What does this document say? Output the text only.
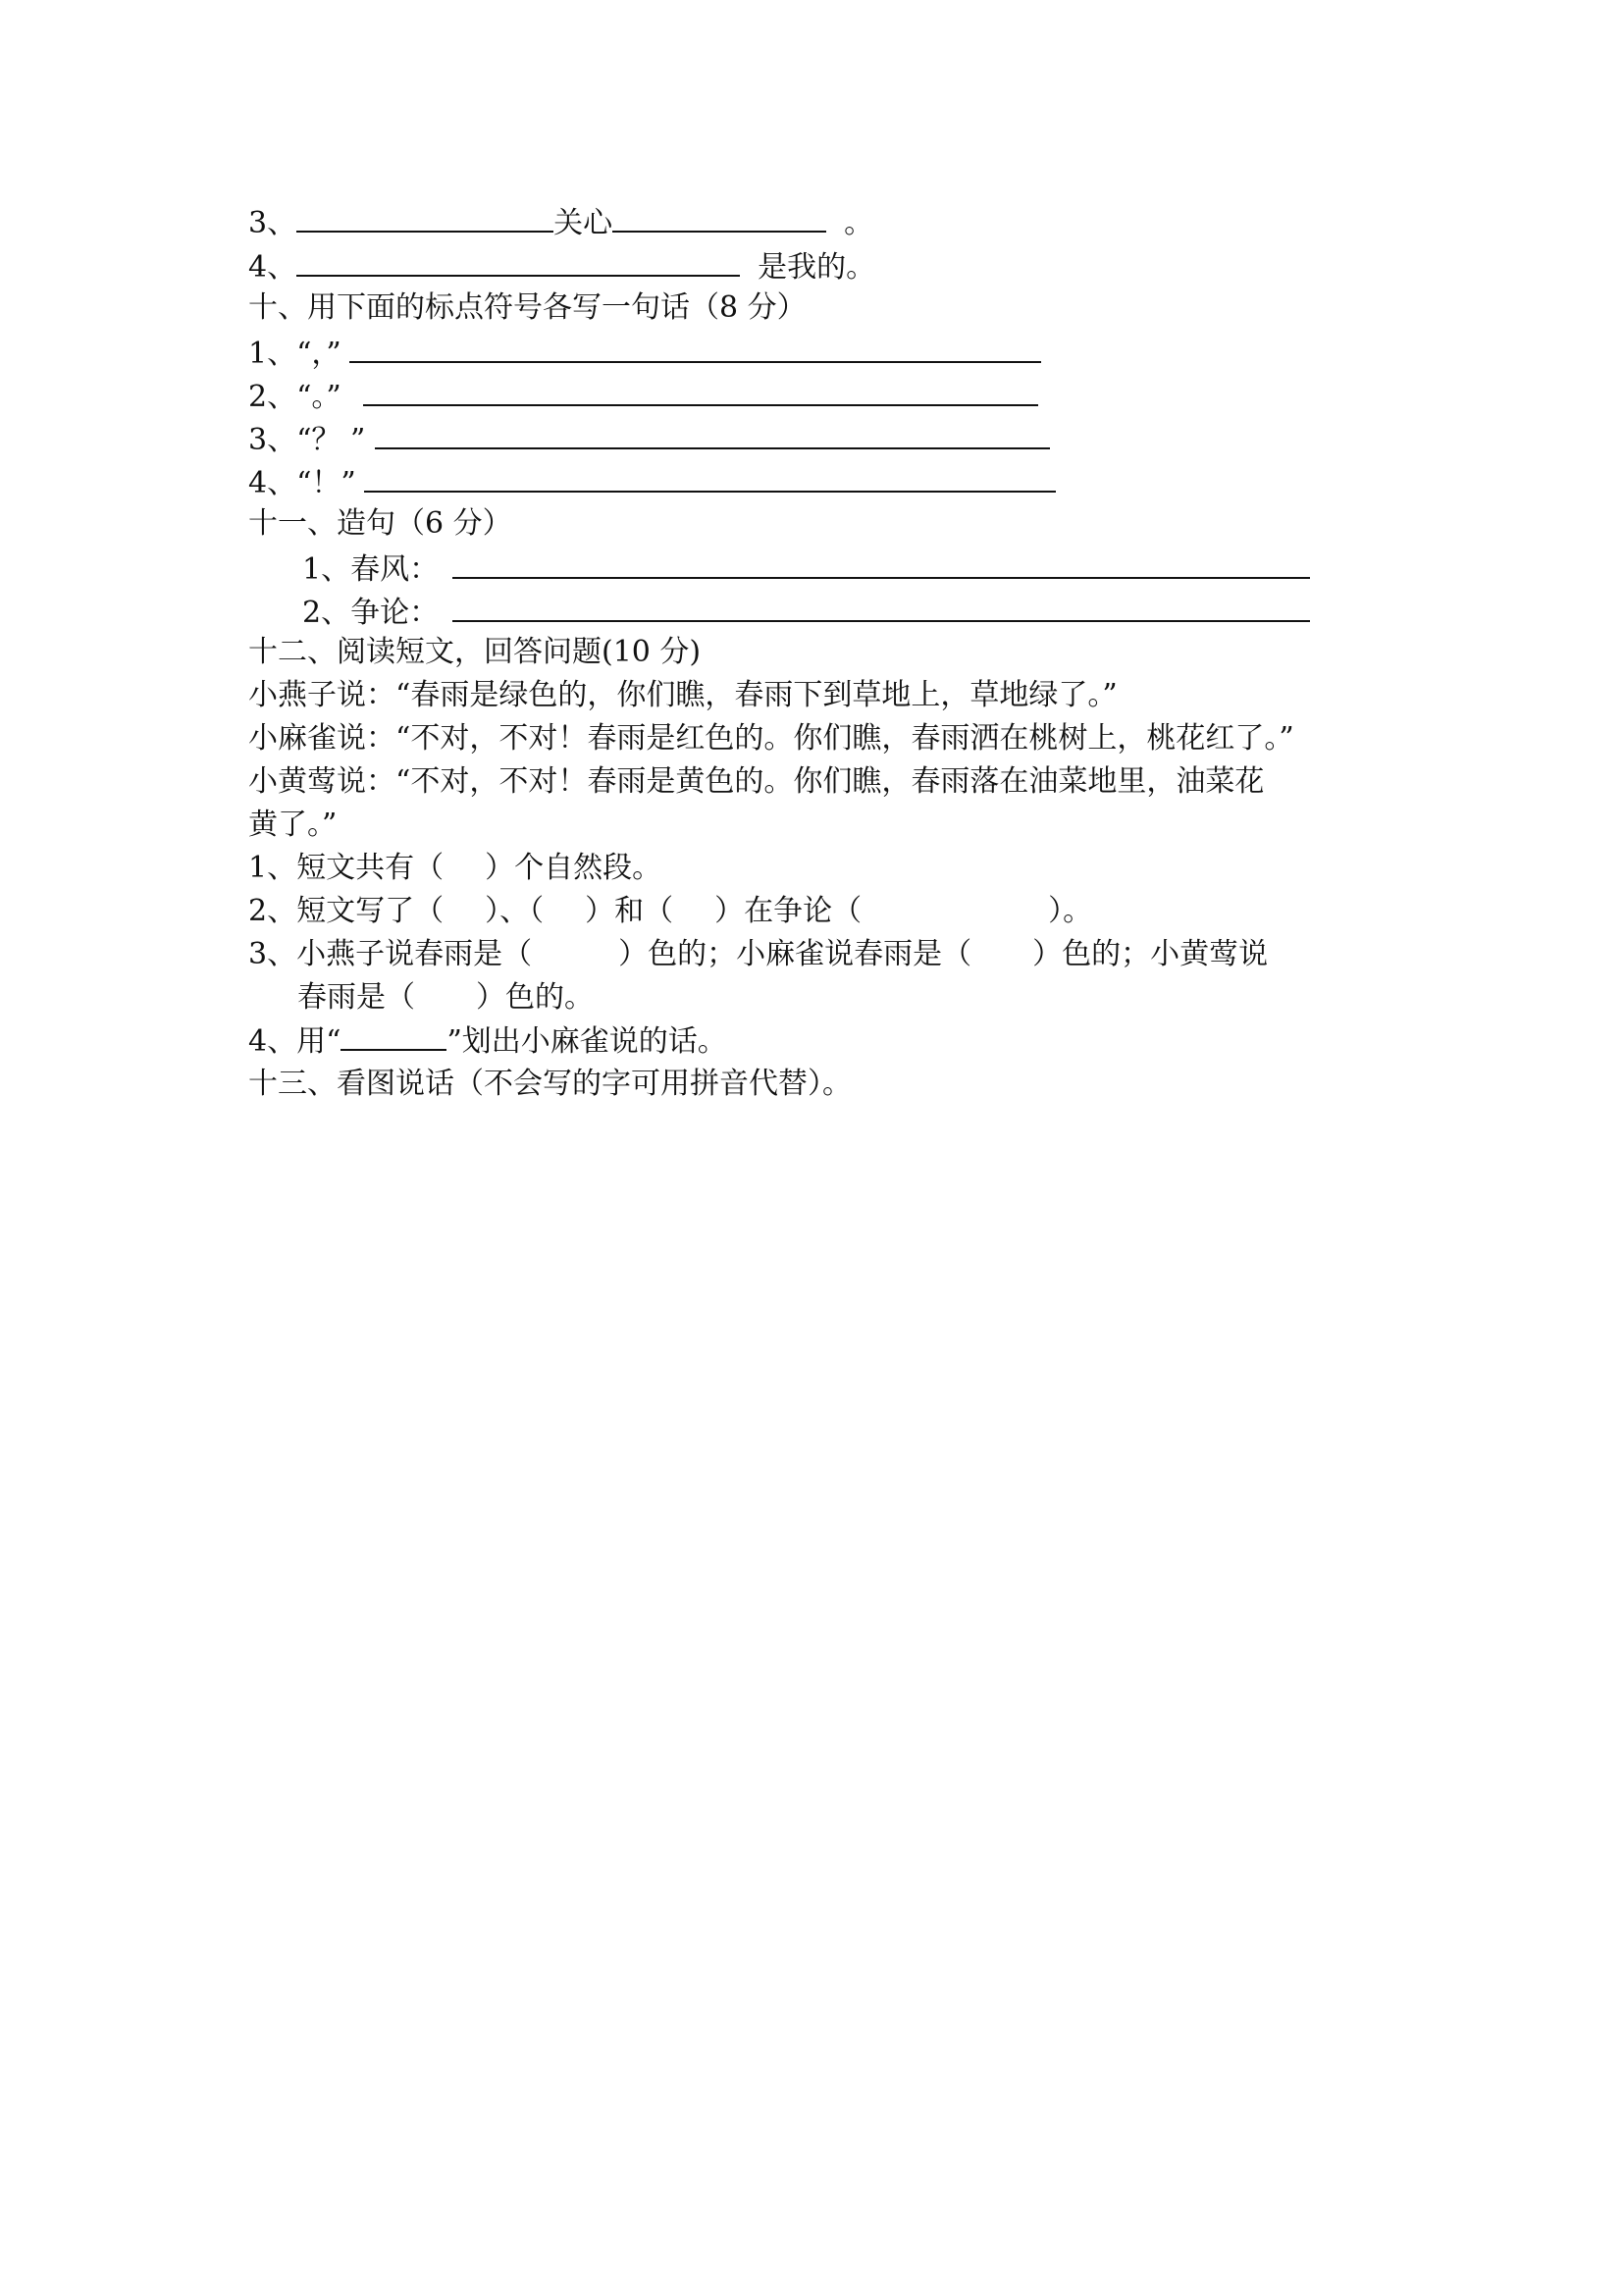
3、	关心	。
4、	是我的。
十、用下面的标点符号各写一句话（8 分）
1、“，”
2、“。”
3、“？ ”
4、“！”
十一、造句（6 分）
1、春风：
2、争论：
十二、阅读短文，回答问题(10 分)
小燕子说：“春雨是绿色的，你们瞧，春雨下到草地上，草地绿了。”
小麻雀说：“不对，不对！春雨是红色的。你们瞧，春雨洒在桃树上，桃花红了。”
小黄莺说：“不对，不对！春雨是黄色的。你们瞧，春雨落在油菜地里，油菜花
黄了。”
1、短文共有（ ）个自然段。
2、短文写了（ ）、（ ）和（ ）在争论（	）。
3、小燕子说春雨是（	）色的；小麻雀说春雨是（ ）色的；小黄莺说
春雨是（ ）色的。
4、用“	”划出小麻雀说的话。
十三、看图说话（不会写的字可用拼音代替）。
